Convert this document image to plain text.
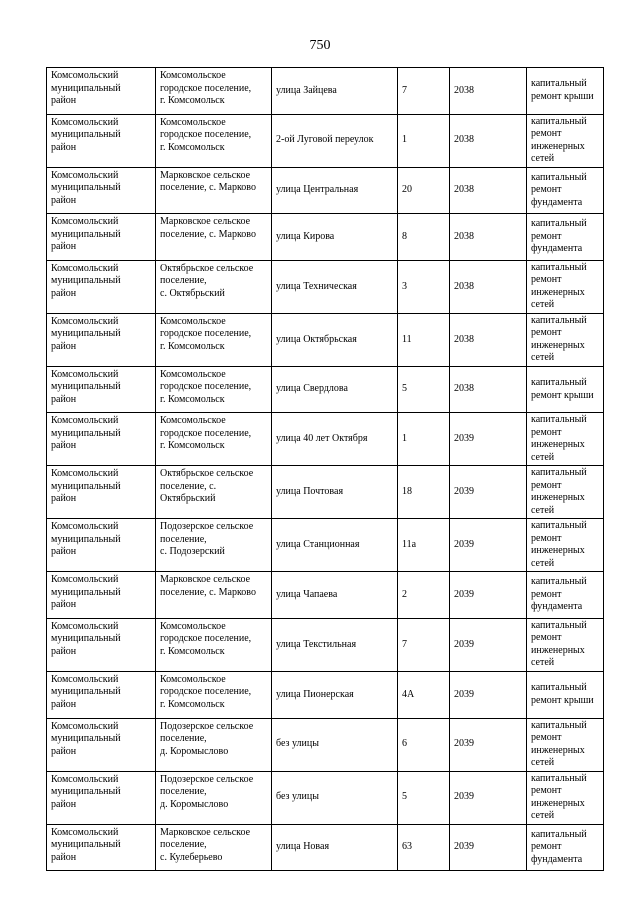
750
Комсомольский
муниципальный
район	Комсомольское
городское поселение,
г. Комсомольск	улица Зайцева	7	2038	капитальный
ремонт крыши
Комсомольский
муниципальный
район	Комсомольское
городское поселение,
г. Комсомольск	2-ой Луговой переулок	1	2038	капитальный
ремонт
инженерных
сетей
Комсомольский
муниципальный
район	Марковское сельское
поселение, с. Марково	улица Центральная	20	2038	капитальный
ремонт
фундамента
Комсомольский
муниципальный
район	Марковское сельское
поселение, с. Марково	улица Кирова	8	2038	капитальный
ремонт
фундамента
Комсомольский
муниципальный
район	Октябрьское сельское
поселение,
с. Октябрьский	улица Техническая	3	2038	капитальный
ремонт
инженерных
сетей
Комсомольский
муниципальный
район	Комсомольское
городское поселение,
г. Комсомольск	улица Октябрьская	11	2038	капитальный
ремонт
инженерных
сетей
Комсомольский
муниципальный
район	Комсомольское
городское поселение,
г. Комсомольск	улица Свердлова	5	2038	капитальный
ремонт крыши
Комсомольский
муниципальный
район	Комсомольское
городское поселение,
г. Комсомольск	улица 40 лет Октября	1	2039	капитальный
ремонт
инженерных
сетей
Комсомольский
муниципальный
район	Октябрьское сельское
поселение, с.
Октябрьский	улица Почтовая	18	2039	капитальный
ремонт
инженерных
сетей
Комсомольский
муниципальный
район	Подозерское сельское
поселение,
с. Подозерский	улица Станционная	11а	2039	капитальный
ремонт
инженерных
сетей
Комсомольский
муниципальный
район	Марковское сельское
поселение, с. Марково	улица Чапаева	2	2039	капитальный
ремонт
фундамента
Комсомольский
муниципальный
район	Комсомольское
городское поселение,
г. Комсомольск	улица Текстильная	7	2039	капитальный
ремонт
инженерных
сетей
Комсомольский
муниципальный
район	Комсомольское
городское поселение,
г. Комсомольск	улица Пионерская	4А	2039	капитальный
ремонт крыши
Комсомольский
муниципальный
район	Подозерское сельское
поселение,
д. Коромыслово	без улицы	6	2039	капитальный
ремонт
инженерных
сетей
Комсомольский
муниципальный
район	Подозерское сельское
поселение,
д. Коромыслово	без улицы	5	2039	капитальный
ремонт
инженерных
сетей
Комсомольский
муниципальный
район	Марковское сельское
поселение,
с. Кулеберьево	улица Новая	63	2039	капитальный
ремонт
фундамента
